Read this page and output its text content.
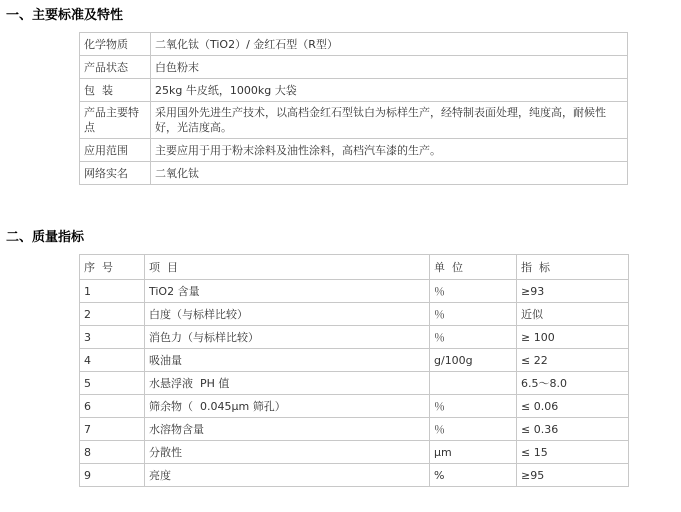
一、主要标准及特性
化学物质	二氧化钛（TiO2）/ 金红石型（R型）
产品状态	白色粉末
包  装	25kg 牛皮纸，1000kg 大袋
产品主要特点	采用国外先进生产技术，以高档金红石型钛白为标样生产，经特制表面处理，纯度高，耐候性好，光洁度高。
应用范围	主要应用于用于粉末涂料及油性涂料，高档汽车漆的生产。
网络实名	二氧化钛
二、质量指标
序  号	项  目	单  位	指  标
1	TiO2 含量	％	≥93
2	白度（与标样比较）	％	近似
3	消色力（与标样比较）	％	≥ 100
4	吸油量	g/100g	≤ 22
5	水悬浮液  PH 值		6.5～8.0
6	筛余物（  0.045μm 筛孔）	％	≤ 0.06
7	水溶物含量	％	≤ 0.36
8	分散性	μm	≤ 15
9	亮度	%	≥95
